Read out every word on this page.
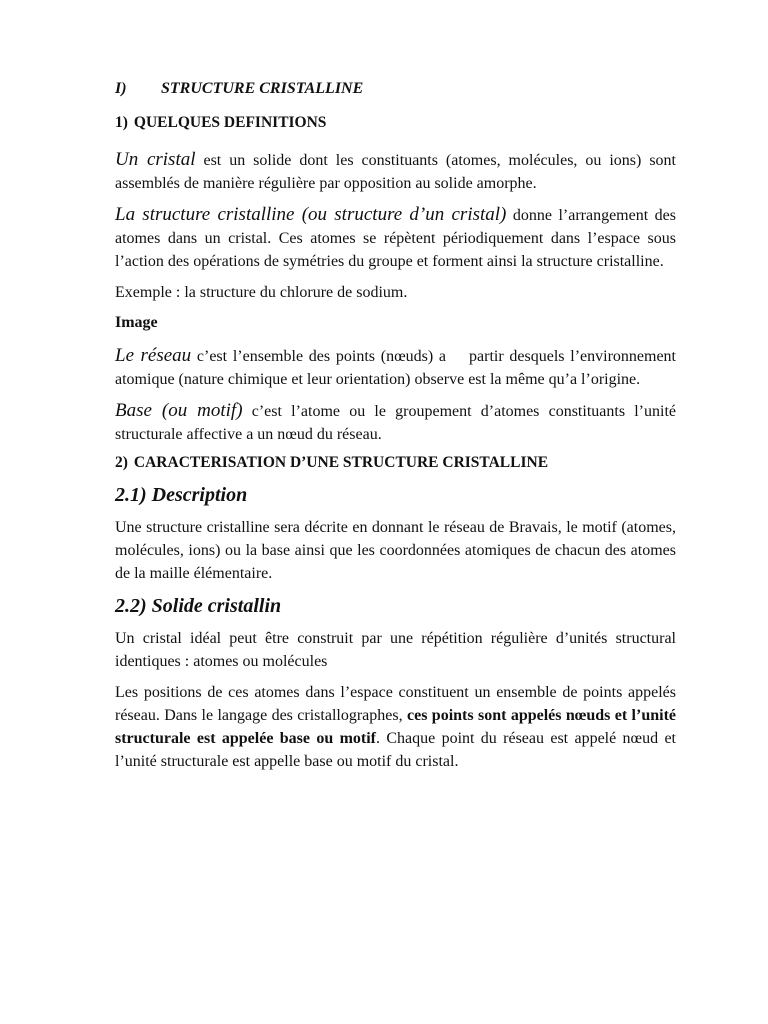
I) STRUCTURE CRISTALLINE
1) QUELQUES DEFINITIONS

Un cristal est un solide dont les constituants (atomes, molécules, ou ions) sont assemblés de manière régulière par opposition au solide amorphe.

La structure cristalline (ou structure d’un cristal) donne l’arrangement des atomes dans un cristal. Ces atomes se répètent périodiquement dans l’espace sous l’action des opérations de symétries du groupe et forment ainsi la structure cristalline.

Exemple : la structure du chlorure de sodium.

Image

Le réseau c’est l’ensemble des points (nœuds) a    partir desquels l’environnement atomique (nature chimique et leur orientation) observe est la même qu’a l’origine.

Base (ou motif) c’est l’atome ou le groupement d’atomes constituants l’unité structurale affective a un nœud du réseau.

2) CARACTERISATION D’UNE STRUCTURE CRISTALLINE
2.1) Description

Une structure cristalline sera décrite en donnant le réseau de Bravais, le motif (atomes, molécules, ions) ou la base ainsi que les coordonnées atomiques de chacun des atomes de la maille élémentaire.

2.2) Solide cristallin

Un cristal idéal peut être construit par une répétition régulière d’unités structural identiques : atomes ou molécules

Les positions de ces atomes dans l’espace constituent un ensemble de points appelés réseau. Dans le langage des cristallographes, ces points sont appelés nœuds et l’unité structurale est appelée base ou motif. Chaque point du réseau est appelé nœud et l’unité structurale est appelle base ou motif du cristal.
